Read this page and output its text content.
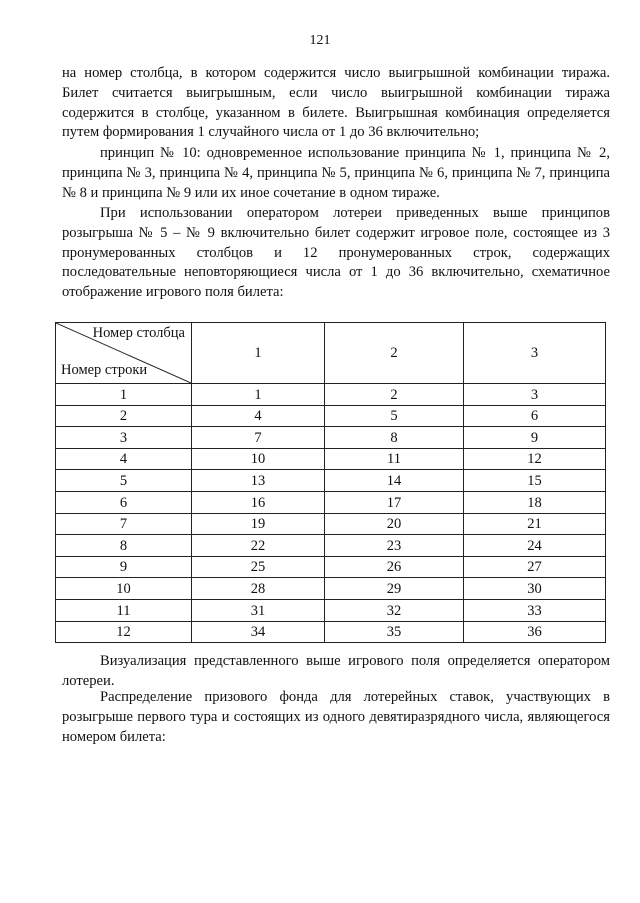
121

на номер столбца, в котором содержится число выигрышной комбинации тиража. Билет считается выигрышным, если число выигрышной комбинации тиража содержится в столбце, указанном в билете. Выигрышная комбинация определяется путем формирования 1 случайного числа от 1 до 36 включительно;

принцип № 10: одновременное использование принципа № 1, принципа № 2, принципа № 3, принципа № 4, принципа № 5, принципа № 6, принципа № 7, принципа № 8 и принципа № 9 или их иное сочетание в одном тираже.

При использовании оператором лотереи приведенных выше принципов розыгрыша № 5 – № 9 включительно билет содержит игровое поле, состоящее из 3 пронумерованных столбцов и 12 пронумерованных строк, содержащих последовательные неповторяющиеся числа от 1 до 36 включительно, схематичное отображение игрового поля билета:

Номер столбца
Номер строки	1	2	3
1	1	2	3
2	4	5	6
3	7	8	9
4	10	11	12
5	13	14	15
6	16	17	18
7	19	20	21
8	22	23	24
9	25	26	27
10	28	29	30
11	31	32	33
12	34	35	36

Визуализация представленного выше игрового поля определяется оператором лотереи.

Распределение призового фонда для лотерейных ставок, участвующих в розыгрыше первого тура и состоящих из одного девятиразрядного числа, являющегося номером билета:
